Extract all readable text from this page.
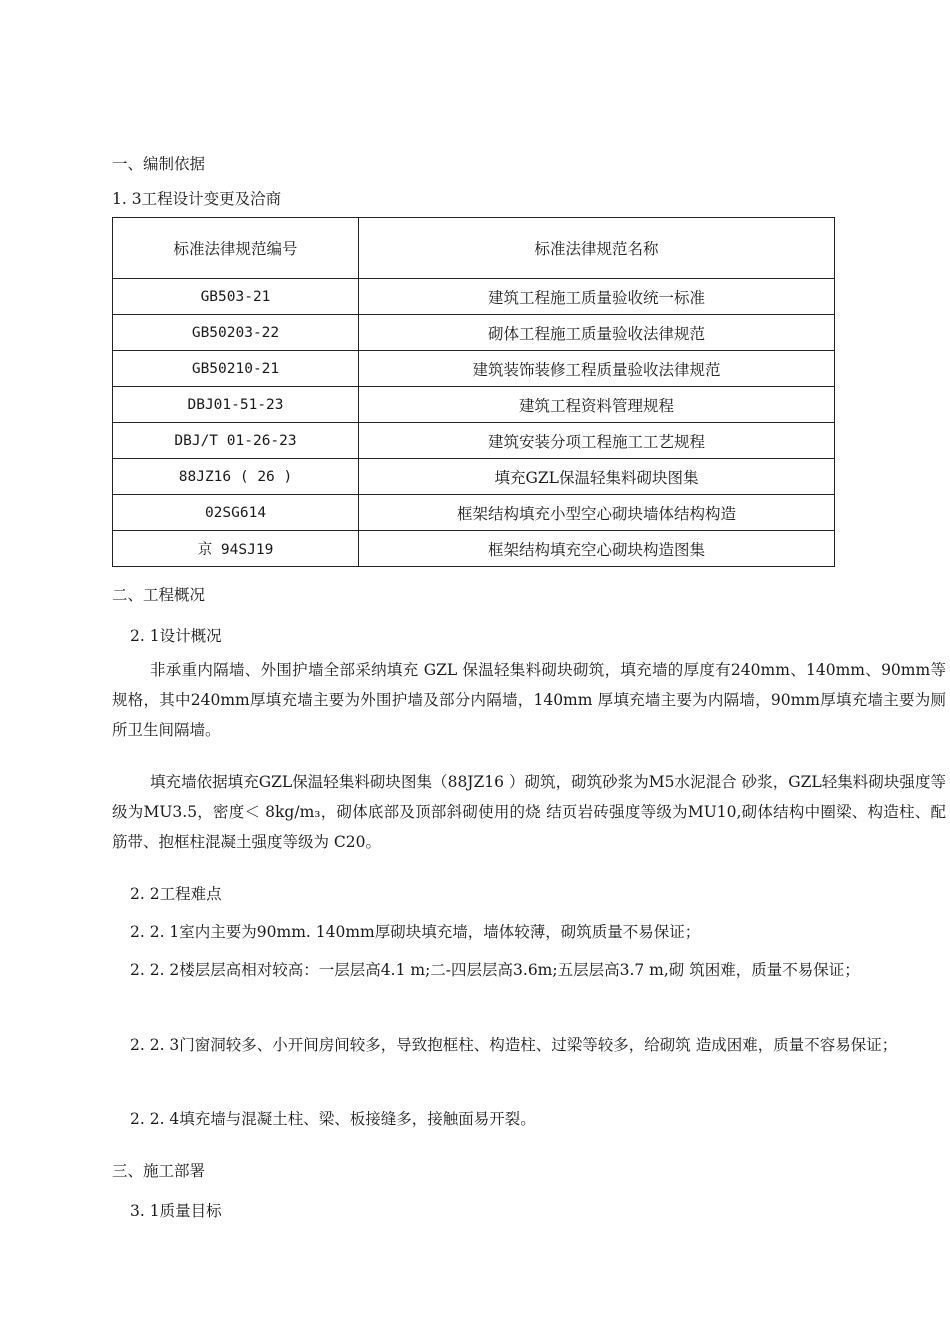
一、编制依据
1. 3工程设计变更及洽商
标准法律规范编号	标准法律规范名称
GB503-21	建筑工程施工质量验收统一标准
GB50203-22	砌体工程施工质量验收法律规范
GB50210-21	建筑装饰装修工程质量验收法律规范
DBJ01-51-23	建筑工程资料管理规程
DBJ/T 01-26-23	建筑安装分项工程施工工艺规程
88JZ16 ( 26 )	填充GZL保温轻集料砌块图集
02SG614	框架结构填充小型空心砌块墙体结构构造
京 94SJ19	框架结构填充空心砌块构造图集
二、工程概况
2. 1设计概况
非承重内隔墙、外围护墙全部采纳填充 GZL 保温轻集料砌块砌筑，填充墙的厚度有240mm、140mm、90mm等规格，其中240mm厚填充墙主要为外围护墙及部分内隔墙，140mm 厚填充墙主要为内隔墙，90mm厚填充墙主要为厕所卫生间隔墙。
填充墙依据填充GZL保温轻集料砌块图集（88JZ16 ）砌筑，砌筑砂浆为M5水泥混合 砂浆，GZL轻集料砌块强度等级为MU3.5，密度＜ 8kg/m₃，砌体底部及顶部斜砌使用的烧 结页岩砖强度等级为MU10,砌体结构中圈梁、构造柱、配筋带、抱框柱混凝土强度等级为 C20。
2. 2工程难点
2. 2. 1室内主要为90mm. 140mm厚砌块填充墙，墙体较薄，砌筑质量不易保证；
2. 2. 2楼层层高相对较高：一层层高4.1 m;二-四层层高3.6m;五层层高3.7 m,砌 筑困难，质量不易保证；
2. 2. 3门窗洞较多、小开间房间较多，导致抱框柱、构造柱、过梁等较多，给砌筑 造成困难，质量不容易保证；
2. 2. 4填充墙与混凝土柱、梁、板接缝多，接触面易开裂。
三、施工部署
3. 1质量目标
